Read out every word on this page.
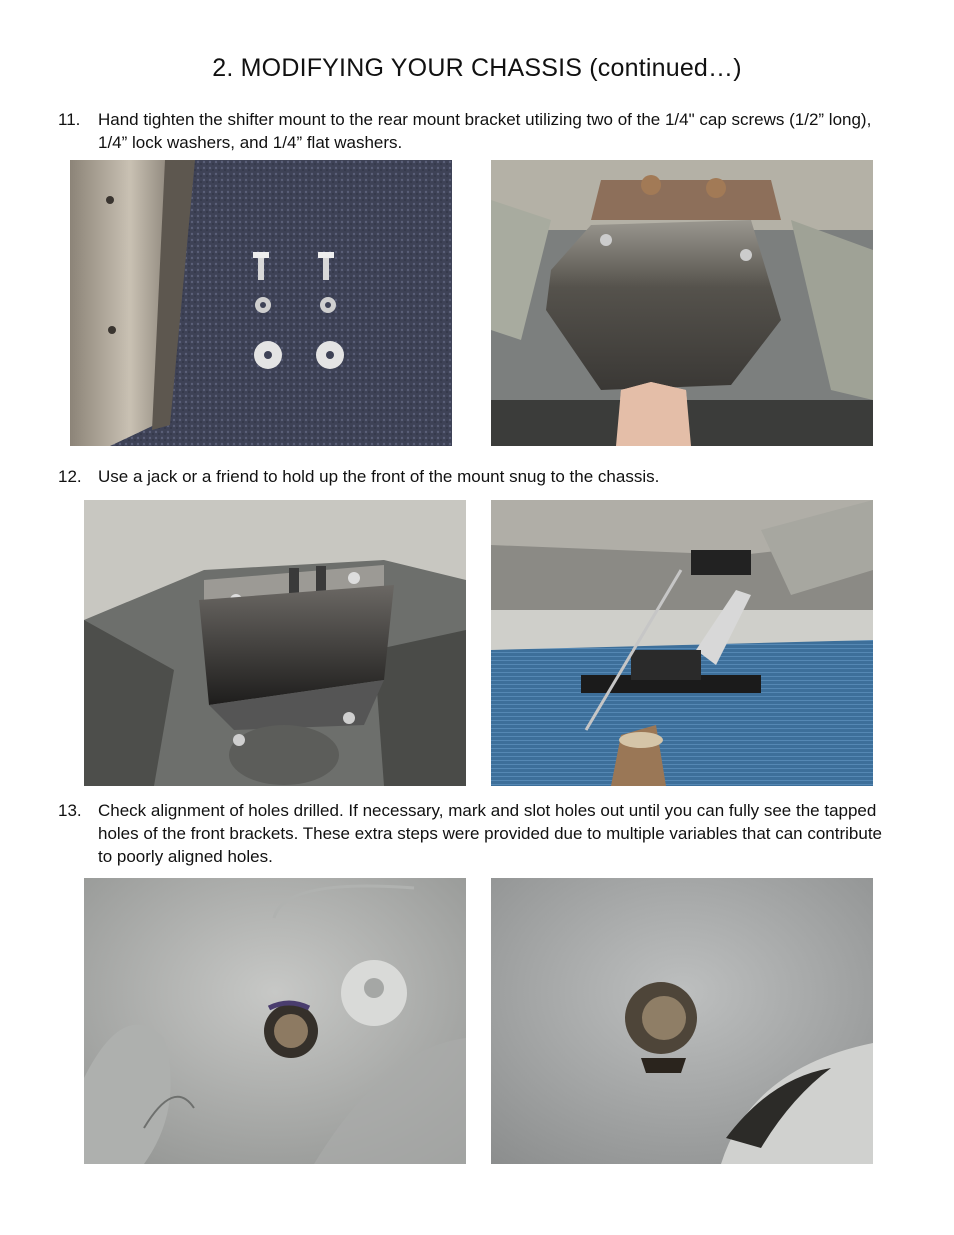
2. MODIFYING YOUR CHASSIS (continued…)
11. Hand tighten the shifter mount to the rear mount bracket utilizing two of the 1/4" cap screws (1/2” long), 1/4” lock washers, and 1/4” flat washers.
12. Use a jack or a friend to hold up the front of the mount snug to the chassis.
13. Check alignment of holes drilled. If necessary, mark and slot holes out until you can fully see the tapped holes of the front brackets. These extra steps were provided due to multiple variables that can contribute to poorly aligned holes.
